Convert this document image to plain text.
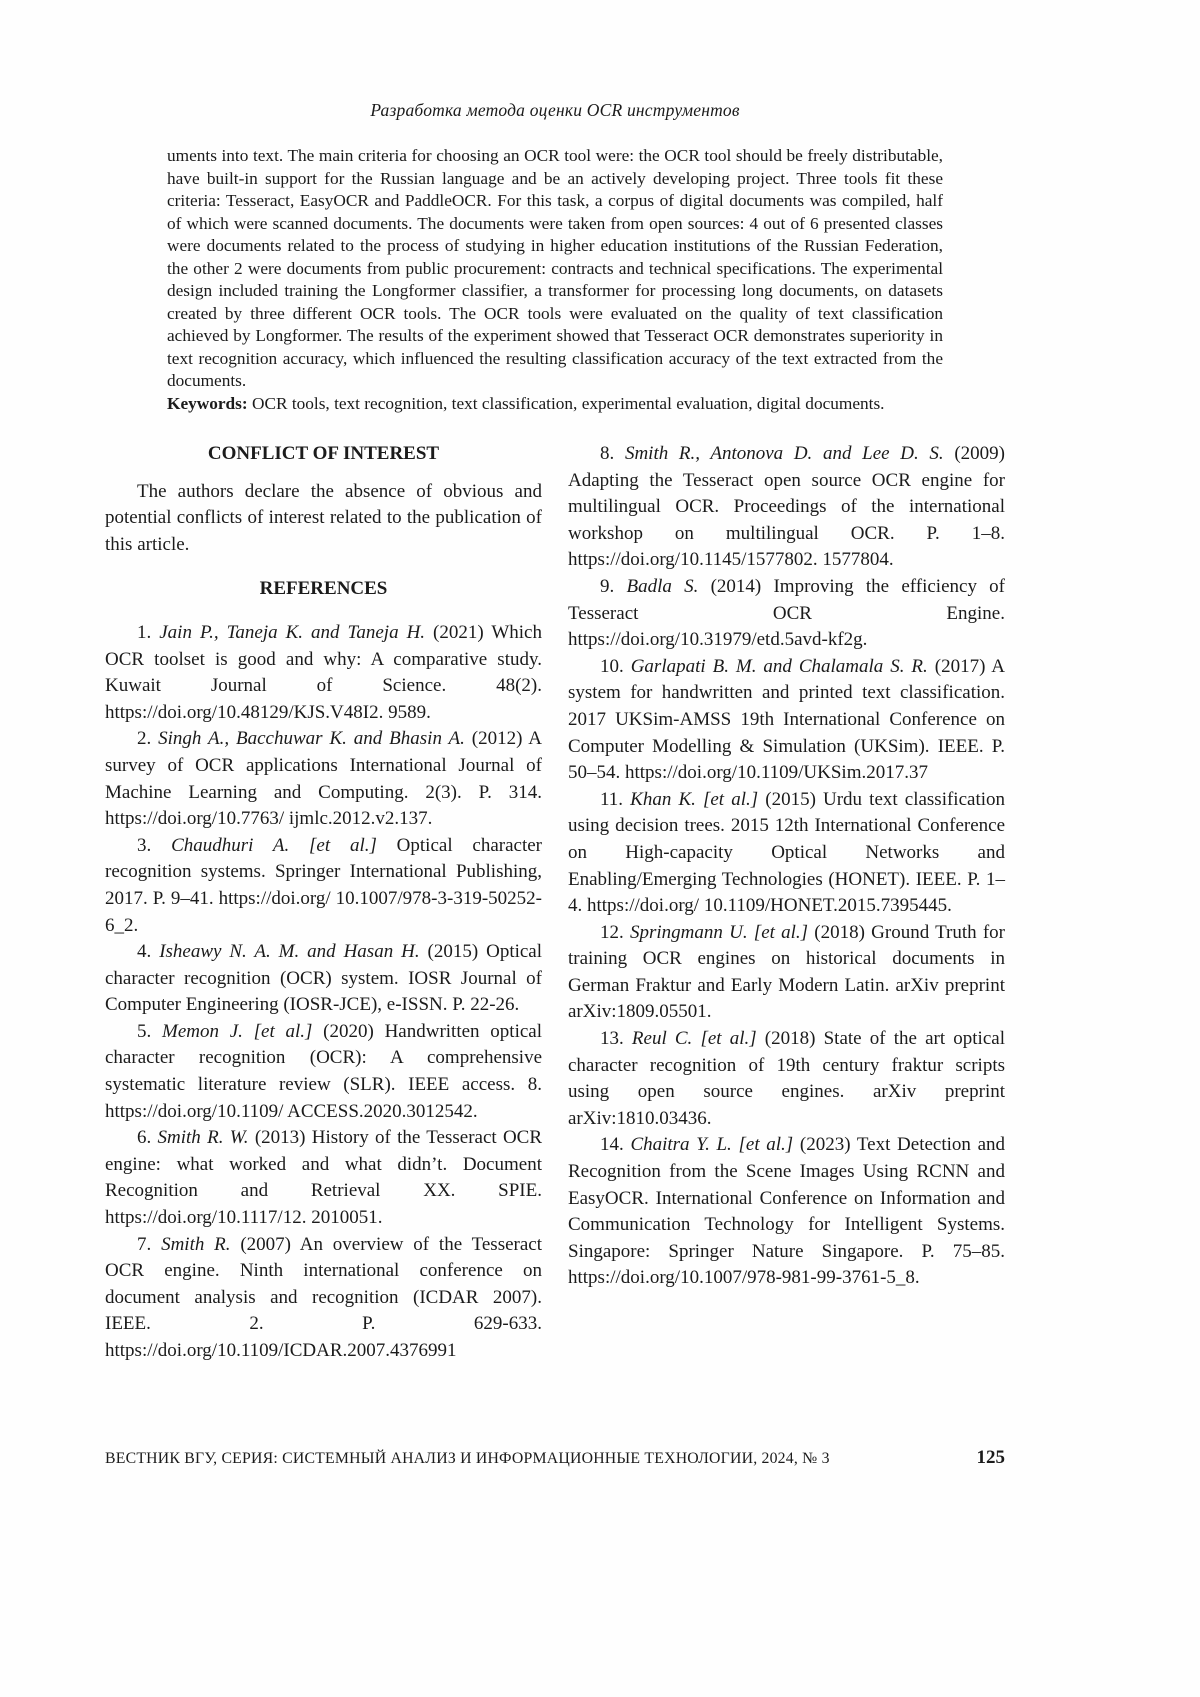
Разработка метода оценки OCR инструментов

uments into text. The main criteria for choosing an OCR tool were: the OCR tool should be freely distributable, have built-in support for the Russian language and be an actively developing project. Three tools fit these criteria: Tesseract, EasyOCR and PaddleOCR. For this task, a corpus of digital documents was compiled, half of which were scanned documents. The documents were taken from open sources: 4 out of 6 presented classes were documents related to the process of studying in higher education institutions of the Russian Federation, the other 2 were documents from public procurement: contracts and technical specifications. The experimental design included training the Longformer classifier, a transformer for processing long documents, on datasets created by three different OCR tools. The OCR tools were evaluated on the quality of text classification achieved by Longformer. The results of the experiment showed that Tesseract OCR demonstrates superiority in text recognition accuracy, which influenced the resulting classification accuracy of the text extracted from the documents.

Keywords: OCR tools, text recognition, text classification, experimental evaluation, digital documents.

CONFLICT OF INTEREST

The authors declare the absence of obvious and potential conflicts of interest related to the publication of this article.

REFERENCES

1. Jain P., Taneja K. and Taneja H. (2021) Which OCR toolset is good and why: A comparative study. Kuwait Journal of Science. 48(2). https://doi.org/10.48129/KJS.V48I2. 9589.

2. Singh A., Bacchuwar K. and Bhasin A. (2012) A survey of OCR applications International Journal of Machine Learning and Computing. 2(3). P. 314. https://doi.org/10.7763/ ijmlc.2012.v2.137.

3. Chaudhuri A. [et al.] Optical character recognition systems. Springer International Publishing, 2017. P. 9–41. https://doi.org/ 10.1007/978-3-319-50252-6_2.

4. Isheawy N. A. M. and Hasan H. (2015) Optical character recognition (OCR) system. IOSR Journal of Computer Engineering (IOSR-JCE), e-ISSN. P. 22-26.

5. Memon J. [et al.] (2020) Handwritten optical character recognition (OCR): A comprehensive systematic literature review (SLR). IEEE access. 8. https://doi.org/10.1109/ ACCESS.2020.3012542.

6. Smith R. W. (2013) History of the Tesseract OCR engine: what worked and what didn’t. Document Recognition and Retrieval XX. SPIE. https://doi.org/10.1117/12. 2010051.

7. Smith R. (2007) An overview of the Tesseract OCR engine. Ninth international conference on document analysis and recognition (ICDAR 2007). IEEE. 2. P. 629-633. https://doi.org/10.1109/ICDAR.2007.4376991

8. Smith R., Antonova D. and Lee D. S. (2009) Adapting the Tesseract open source OCR engine for multilingual OCR. Proceedings of the international workshop on multilingual OCR. P. 1–8. https://doi.org/10.1145/1577802. 1577804.

9. Badla S. (2014) Improving the efficiency of Tesseract OCR Engine. https://doi.org/10.31979/etd.5avd-kf2g.

10. Garlapati B. M. and Chalamala S. R. (2017) A system for handwritten and printed text classification. 2017 UKSim-AMSS 19th International Conference on Computer Modelling & Simulation (UKSim). IEEE. P. 50–54. https://doi.org/10.1109/UKSim.2017.37

11. Khan K. [et al.] (2015) Urdu text classification using decision trees. 2015 12th International Conference on High-capacity Optical Networks and Enabling/Emerging Technologies (HONET). IEEE. P. 1–4. https://doi.org/ 10.1109/HONET.2015.7395445.

12. Springmann U. [et al.] (2018) Ground Truth for training OCR engines on historical documents in German Fraktur and Early Modern Latin. arXiv preprint arXiv:1809.05501.

13. Reul C. [et al.] (2018) State of the art optical character recognition of 19th century fraktur scripts using open source engines. arXiv preprint arXiv:1810.03436.

14. Chaitra Y. L. [et al.] (2023) Text Detection and Recognition from the Scene Images Using RCNN and EasyOCR. International Conference on Information and Communication Technology for Intelligent Systems. Singapore: Springer Nature Singapore. P. 75–85. https://doi.org/10.1007/978-981-99-3761-5_8.

ВЕСТНИК ВГУ, СЕРИЯ: СИСТЕМНЫЙ АНАЛИЗ И ИНФОРМАЦИОННЫЕ ТЕХНОЛОГИИ, 2024, № 3	125
